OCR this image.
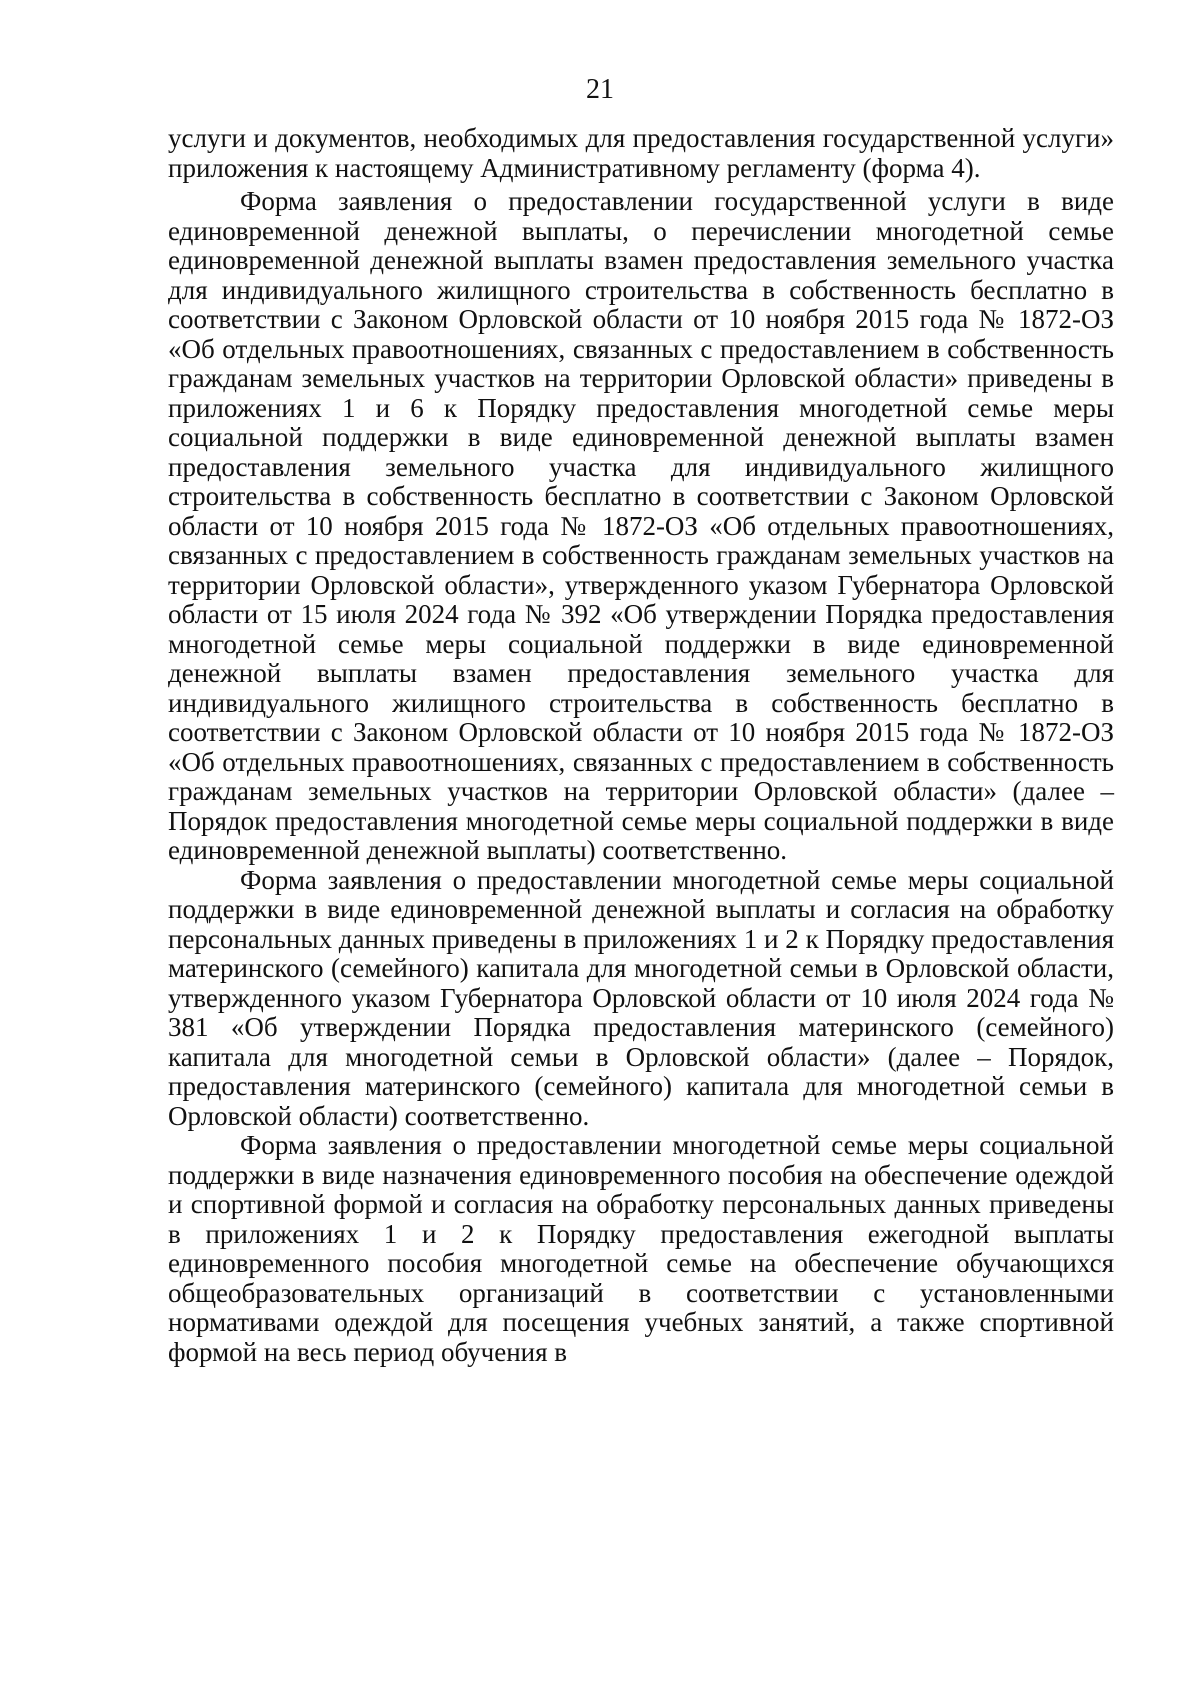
21

услуги и документов, необходимых для предоставления государственной услуги» приложения к настоящему Административному регламенту (форма 4).

Форма заявления о предоставлении государственной услуги в виде единовременной денежной выплаты, о перечислении многодетной семье единовременной денежной выплаты взамен предоставления земельного участка для индивидуального жилищного строительства в собственность бесплатно в соответствии с Законом Орловской области от 10 ноября 2015 года № 1872-ОЗ «Об отдельных правоотношениях, связанных с предоставлением в собственность гражданам земельных участков на территории Орловской области» приведены в приложениях 1 и 6 к Порядку предоставления многодетной семье меры социальной поддержки в виде единовременной денежной выплаты взамен предоставления земельного участка для индивидуального жилищного строительства в собственность бесплатно в соответствии с Законом Орловской области от 10 ноября 2015 года № 1872-ОЗ «Об отдельных правоотношениях, связанных с предоставлением в собственность гражданам земельных участков на территории Орловской области», утвержденного указом Губернатора Орловской области от 15 июля 2024 года № 392 «Об утверждении Порядка предоставления многодетной семье меры социальной поддержки в виде единовременной денежной выплаты взамен предоставления земельного участка для индивидуального жилищного строительства в собственность бесплатно в соответствии с Законом Орловской области от 10 ноября 2015 года № 1872-ОЗ «Об отдельных правоотношениях, связанных с предоставлением в собственность гражданам земельных участков на территории Орловской области» (далее – Порядок предоставления многодетной семье меры социальной поддержки в виде единовременной денежной выплаты) соответственно.

Форма заявления о предоставлении многодетной семье меры социальной поддержки в виде единовременной денежной выплаты и согласия на обработку персональных данных приведены в приложениях 1 и 2 к Порядку предоставления материнского (семейного) капитала для многодетной семьи в Орловской области, утвержденного указом Губернатора Орловской области от 10 июля 2024 года № 381 «Об утверждении Порядка предоставления материнского (семейного) капитала для многодетной семьи в Орловской области» (далее – Порядок, предоставления материнского (семейного) капитала для многодетной семьи в Орловской области) соответственно.

Форма заявления о предоставлении многодетной семье меры социальной поддержки в виде назначения единовременного пособия на обеспечение одеждой и спортивной формой и согласия на обработку персональных данных приведены в приложениях 1 и 2 к Порядку предоставления ежегодной выплаты единовременного пособия многодетной семье на обеспечение обучающихся общеобразовательных организаций в соответствии с установленными нормативами одеждой для посещения учебных занятий, а также спортивной формой на весь период обучения в
